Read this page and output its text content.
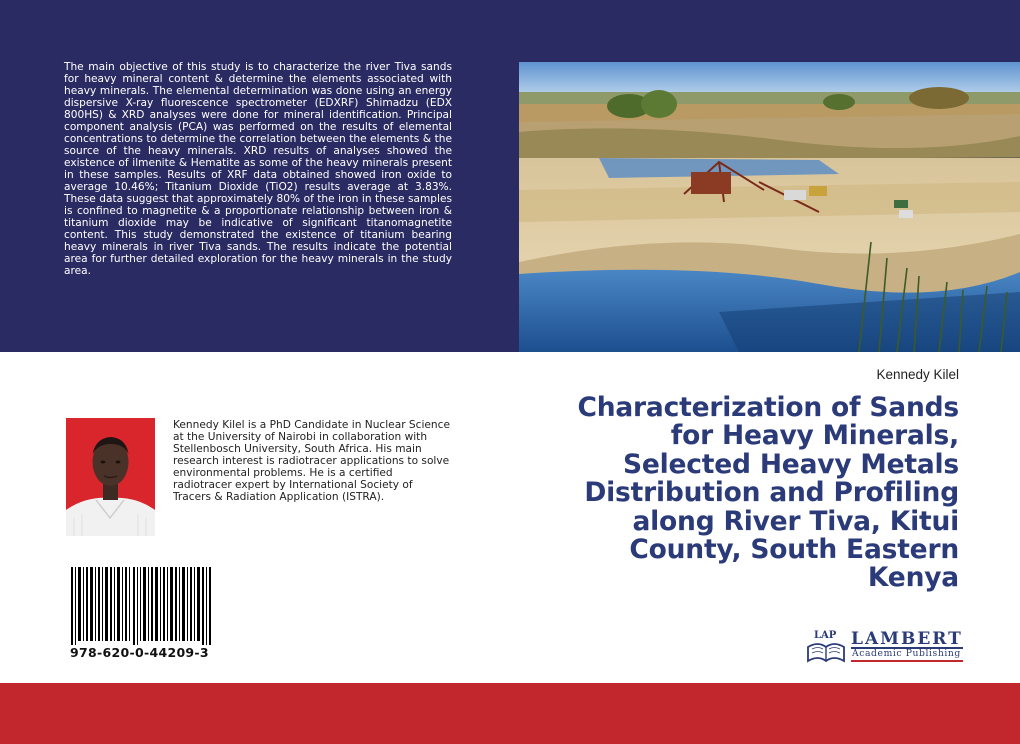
The main objective of this study is to characterize the river Tiva sands for heavy mineral content & determine the elements associated with heavy minerals. The elemental determination was done using an energy dispersive X-ray fluorescence spectrometer (EDXRF) Shimadzu (EDX 800HS) & XRD analyses were done for mineral identification. Principal component analysis (PCA) was performed on the results of elemental concentrations to determine the correlation between the elements & the source of the heavy minerals. XRD results of analyses showed the existence of ilmenite & Hematite as some of the heavy minerals present in these samples. Results of XRF data obtained showed iron oxide to average 10.46%; Titanium Dioxide (TiO2) results average at 3.83%. These data suggest that approximately 80% of the iron in these samples is confined to magnetite & a proportionate relationship between iron & titanium dioxide may be indicative of significant titanomagnetite content. This study demonstrated the existence of titanium bearing heavy minerals in river Tiva sands. The results indicate the potential area for further detailed exploration for the heavy minerals in the study area.
Kennedy Kilel
Characterization of Sands for Heavy Minerals, Selected Heavy Metals Distribution and Profiling along River Tiva, Kitui County, South Eastern Kenya
Kennedy Kilel is a PhD Candidate in Nuclear Science at the University of Nairobi in collaboration with Stellenbosch University, South Africa. His main research interest is radiotracer applications to solve environmental problems. He is a certified radiotracer expert by International Society of Tracers & Radiation Application (ISTRA).
978-620-0-44209-3
LAP LAMBERT
Academic Publishing
